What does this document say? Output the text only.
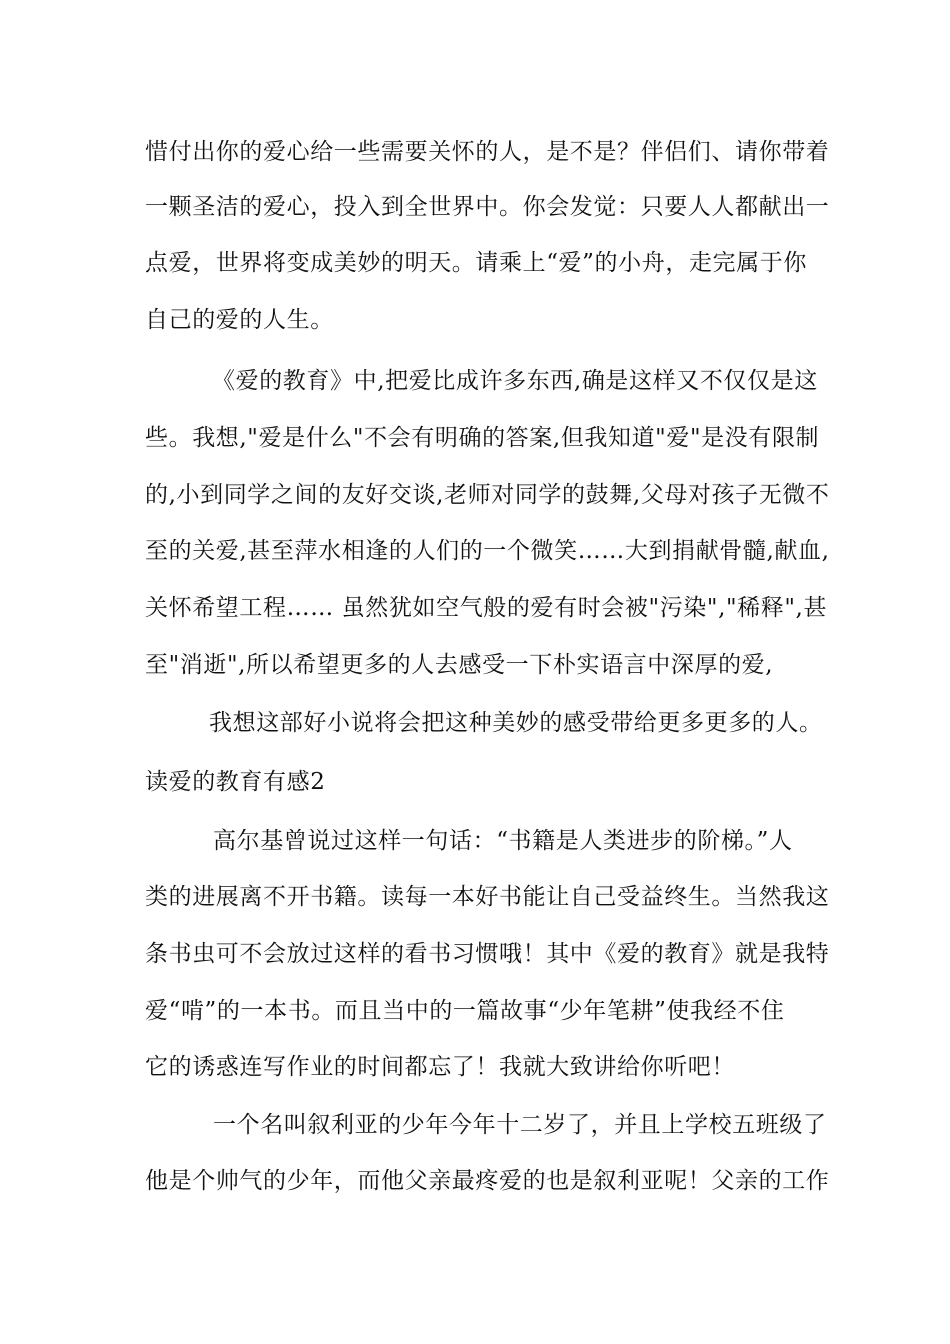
惜付出你的爱心给一些需要关怀的人，是不是？伴侣们、请你带着
一颗圣洁的爱心，投入到全世界中。你会发觉：只要人人都献出一
点爱，世界将变成美妙的明天。请乘上“爱”的小舟，走完属于你
自己的爱的人生。
《爱的教育》中,把爱比成许多东西,确是这样又不仅仅是这
些。我想,"爱是什么"不会有明确的答案,但我知道"爱"是没有限制
的,小到同学之间的友好交谈,老师对同学的鼓舞,父母对孩子无微不
至的关爱,甚至萍水相逢的人们的一个微笑……大到捐献骨髓,献血,
关怀希望工程…… 虽然犹如空气般的爱有时会被"污染","稀释",甚
至"消逝",所以希望更多的人去感受一下朴实语言中深厚的爱,
我想这部好小说将会把这种美妙的感受带给更多更多的人。
读爱的教育有感2
高尔基曾说过这样一句话：“书籍是人类进步的阶梯。”人
类的进展离不开书籍。读每一本好书能让自己受益终生。当然我这
条书虫可不会放过这样的看书习惯哦！其中《爱的教育》就是我特
爱“啃”的一本书。而且当中的一篇故事“少年笔耕”使我经不住
它的诱惑连写作业的时间都忘了！我就大致讲给你听吧！
一个名叫叙利亚的少年今年十二岁了，并且上学校五班级了
他是个帅气的少年，而他父亲最疼爱的也是叙利亚呢！父亲的工作
